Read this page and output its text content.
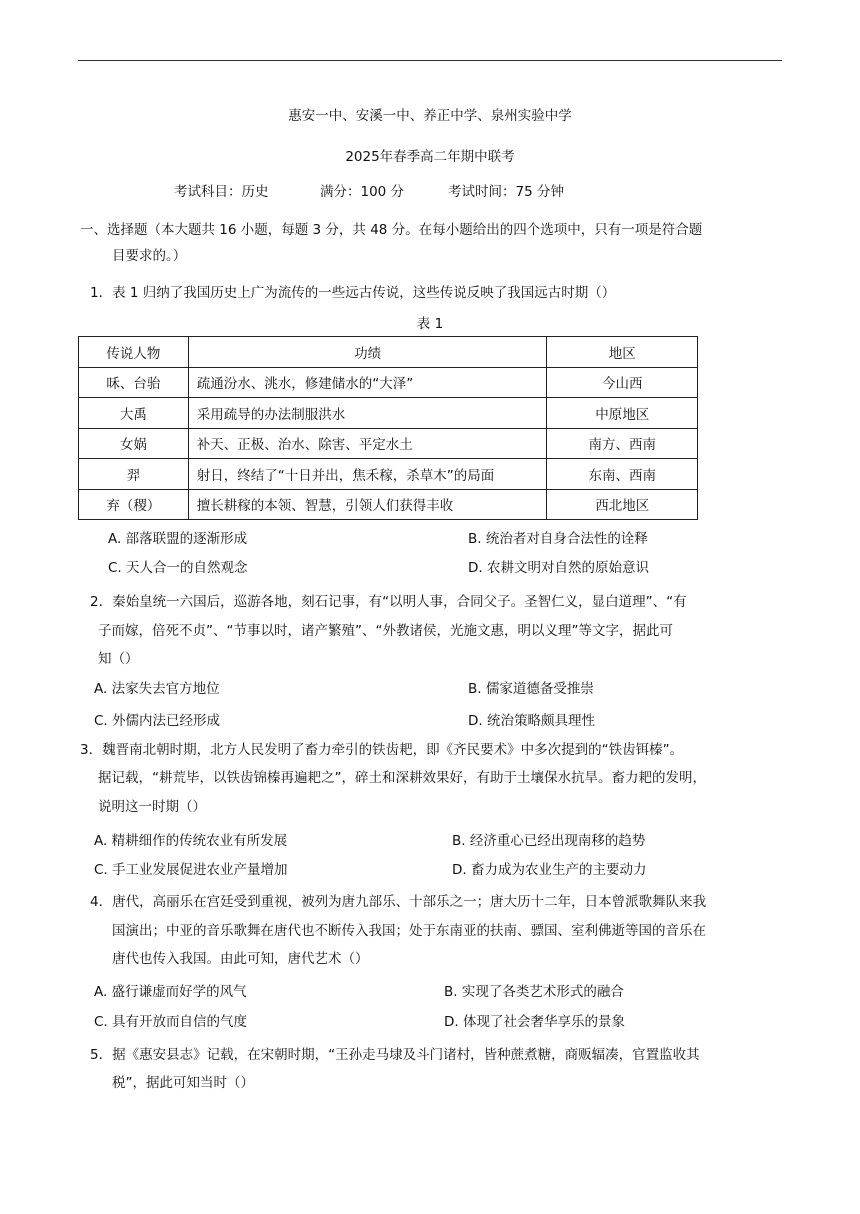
惠安一中、安溪一中、养正中学、泉州实验中学
2025年春季高二年期中联考
考试科目：历史	满分：100 分	考试时间：75 分钟
一、选择题（本大题共 16 小题，每题 3 分，共 48 分。在每小题给出的四个选项中，只有一项是符合题
目要求的。）
1．表 1 归纳了我国历史上广为流传的一些远古传说，这些传说反映了我国远古时期（）
表 1
传说人物	功绩	地区
咊、台骀	疏通汾水、洮水，修建储水的“大泽”	今山西
大禹	采用疏导的办法制服洪水	中原地区
女娲	补天、正极、治水、除害、平定水土	南方、西南
羿	射日，终结了“十日并出，焦禾稼，杀草木”的局面	东南、西南
弃（稷）	擅长耕稼的本领、智慧，引领人们获得丰收	西北地区
A. 部落联盟的逐渐形成	B. 统治者对自身合法性的诠释
C. 天人合一的自然观念	D. 农耕文明对自然的原始意识
2．秦始皇统一六国后，巡游各地，刻石记事，有“以明人事，合同父子。圣智仁义，显白道理”、“有
子而嫁，倍死不贞”、“节事以时，诸产繁殖”、“外教诸侯，光施文惠，明以义理”等文字，据此可
知（）
A. 法家失去官方地位	B. 儒家道德备受推崇
C. 外儒内法已经形成	D. 统治策略颇具理性
3．魏晋南北朝时期，北方人民发明了畜力牵引的铁齿耙，即《齐民要术》中多次提到的“铁齿铒榛”。
据记载，“耕荒毕，以铁齿锦榛再遍耙之”，碎土和深耕效果好，有助于土壤保水抗旱。畜力耙的发明，
说明这一时期（）
A. 精耕细作的传统农业有所发展	B. 经济重心已经出现南移的趋势
C. 手工业发展促进农业产量增加	D. 畜力成为农业生产的主要动力
4．唐代，高丽乐在宫廷受到重视，被列为唐九部乐、十部乐之一；唐大历十二年，日本曾派歌舞队来我
国演出；中亚的音乐歌舞在唐代也不断传入我国；处于东南亚的扶南、骠国、室利佛逝等国的音乐在
唐代也传入我国。由此可知，唐代艺术（）
A. 盛行谦虚而好学的风气	B. 实现了各类艺术形式的融合
C. 具有开放而自信的气度	D. 体现了社会奢华享乐的景象
5．据《惠安县志》记载，在宋朝时期，“王孙走马埭及斗门诸村，皆种蔗煮糖，商贩辐凑，官置监收其
税”，据此可知当时（）
